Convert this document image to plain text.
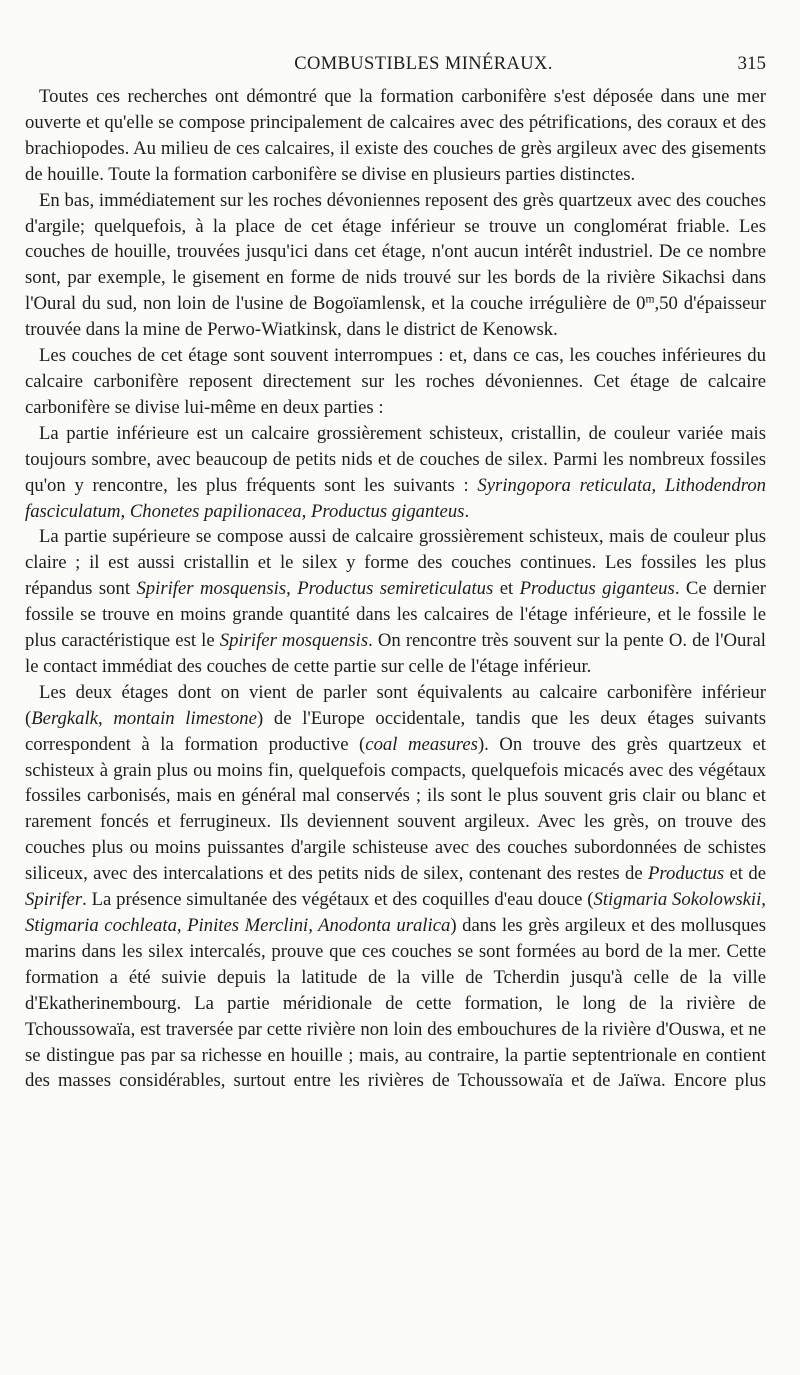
COMBUSTIBLES MINÉRAUX.	315

Toutes ces recherches ont démontré que la formation carbonifère s'est déposée dans une mer ouverte et qu'elle se compose principalement de calcaires avec des pétrifications, des coraux et des brachiopodes. Au milieu de ces calcaires, il existe des couches de grès argileux avec des gisements de houille. Toute la formation carbonifère se divise en plusieurs parties distinctes.

En bas, immédiatement sur les roches dévoniennes reposent des grès quartzeux avec des couches d'argile; quelquefois, à la place de cet étage inférieur se trouve un conglomérat friable. Les couches de houille, trouvées jusqu'ici dans cet étage, n'ont aucun intérêt industriel. De ce nombre sont, par exemple, le gisement en forme de nids trouvé sur les bords de la rivière Sikachsi dans l'Oural du sud, non loin de l'usine de Bogoïamlensk, et la couche irrégulière de 0$^m$,50 d'épaisseur trouvée dans la mine de Perwo-Wiatkinsk, dans le district de Kenowsk.

Les couches de cet étage sont souvent interrompues : et, dans ce cas, les couches inférieures du calcaire carbonifère reposent directement sur les roches dévoniennes. Cet étage de calcaire carbonifère se divise lui-même en deux parties :

La partie inférieure est un calcaire grossièrement schisteux, cristallin, de couleur variée mais toujours sombre, avec beaucoup de petits nids et de couches de silex. Parmi les nombreux fossiles qu'on y rencontre, les plus fréquents sont les suivants : Syringopora reticulata, Lithodendron fasciculatum, Chonetes papilionacea, Productus giganteus.

La partie supérieure se compose aussi de calcaire grossièrement schisteux, mais de couleur plus claire ; il est aussi cristallin et le silex y forme des couches continues. Les fossiles les plus répandus sont Spirifer mosquensis, Productus semireticulatus et Productus giganteus. Ce dernier fossile se trouve en moins grande quantité dans les calcaires de l'étage inférieure, et le fossile le plus caractéristique est le Spirifer mosquensis. On rencontre très souvent sur la pente O. de l'Oural le contact immédiat des couches de cette partie sur celle de l'étage inférieur.

Les deux étages dont on vient de parler sont équivalents au calcaire carbonifère inférieur (Bergkalk, montain limestone) de l'Europe occidentale, tandis que les deux étages suivants correspondent à la formation productive (coal measures). On trouve des grès quartzeux et schisteux à grain plus ou moins fin, quelquefois compacts, quelquefois micacés avec des végétaux fossiles carbonisés, mais en général mal conservés ; ils sont le plus souvent gris clair ou blanc et rarement foncés et ferrugineux. Ils deviennent souvent argileux. Avec les grès, on trouve des couches plus ou moins puissantes d'argile schisteuse avec des couches subordonnées de schistes siliceux, avec des intercalations et des petits nids de silex, contenant des restes de Productus et de Spirifer. La présence simultanée des végétaux et des coquilles d'eau douce (Stigmaria Sokolowskii, Stigmaria cochleata, Pinites Merclini, Anodonta uralica) dans les grès argileux et des mollusques marins dans les silex intercalés, prouve que ces couches se sont formées au bord de la mer. Cette formation a été suivie depuis la latitude de la ville de Tcherdin jusqu'à celle de la ville d'Ekatherinembourg. La partie méridionale de cette formation, le long de la rivière de Tchoussowaïa, est traversée par cette rivière non loin des embouchures de la rivière d'Ouswa, et ne se distingue pas par sa richesse en houille ; mais, au contraire, la partie septentrionale en contient des masses considérables, surtout entre les rivières de Tchoussowaïa et de Jaïwa. Encore plus
